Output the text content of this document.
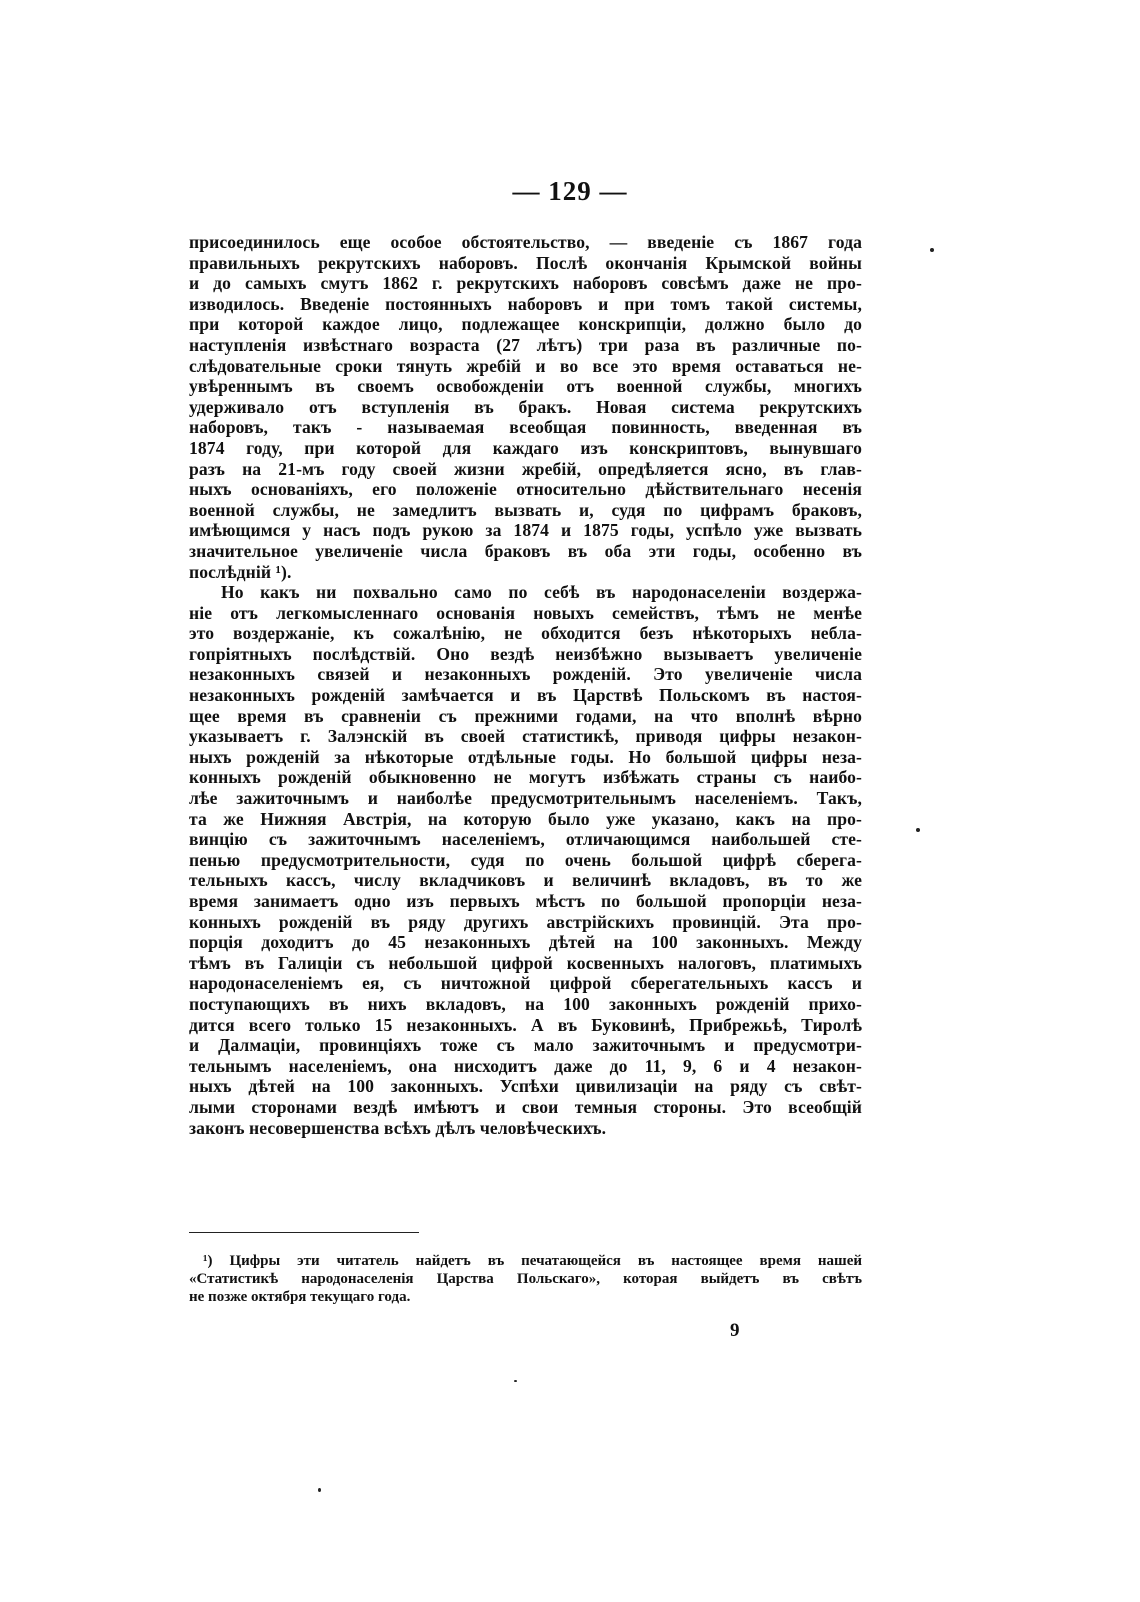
— 129 —
присоединилось еще особое обстоятельство, — введеніе съ 1867 года
правильныхъ рекрутскихъ наборовъ. Послѣ окончанія Крымской войны
и до самыхъ смутъ 1862 г. рекрутскихъ наборовъ совсѣмъ даже не про-
изводилось. Введеніе постоянныхъ наборовъ и при томъ такой системы,
при которой каждое лицо, подлежащее конскрипціи, должно было до
наступленія извѣстнаго возраста (27 лѣтъ) три раза въ различные по-
слѣдовательные сроки тянуть жребій и во все это время оставаться не-
увѣреннымъ въ своемъ освобожденіи отъ военной службы, многихъ
удерживало отъ вступленія въ бракъ. Новая система рекрутскихъ
наборовъ, такъ - называемая всеобщая повинность, введенная въ
1874 году, при которой для каждаго изъ конскриптовъ, вынувшаго
разъ на 21-мъ году своей жизни жребій, опредѣляется ясно, въ глав-
ныхъ основаніяхъ, его положеніе относительно дѣйствительнаго несенія
военной службы, не замедлитъ вызвать и, судя по цифрамъ браковъ,
имѣющимся у насъ подъ рукою за 1874 и 1875 годы, успѣло уже вызвать
значительное увеличеніе числа браковъ въ оба эти годы, особенно въ
послѣдній ¹).
Но какъ ни похвально само по себѣ въ народонаселеніи воздержа-
ніе отъ легкомысленнаго основанія новыхъ семействъ, тѣмъ не менѣе
это воздержаніе, къ сожалѣнію, не обходится безъ нѣкоторыхъ небла-
гопріятныхъ послѣдствій. Оно вездѣ неизбѣжно вызываетъ увеличеніе
незаконныхъ связей и незаконныхъ рожденій. Это увеличеніе числа
незаконныхъ рожденій замѣчается и въ Царствѣ Польскомъ въ настоя-
щее время въ сравненіи съ прежними годами, на что вполнѣ вѣрно
указываетъ г. Залэнскій въ своей статистикѣ, приводя цифры незакон-
ныхъ рожденій за нѣкоторые отдѣльные годы. Но большой цифры неза-
конныхъ рожденій обыкновенно не могутъ избѣжать страны съ наибо-
лѣе зажиточнымъ и наиболѣе предусмотрительнымъ населеніемъ. Такъ,
та же Нижняя Австрія, на которую было уже указано, какъ на про-
винцію съ зажиточнымъ населеніемъ, отличающимся наибольшей сте-
пенью предусмотрительности, судя по очень большой цифрѣ сберега-
тельныхъ кассъ, числу вкладчиковъ и величинѣ вкладовъ, въ то же
время занимаетъ одно изъ первыхъ мѣстъ по большой пропорціи неза-
конныхъ рожденій въ ряду другихъ австрійскихъ провинцій. Эта про-
порція доходитъ до 45 незаконныхъ дѣтей на 100 законныхъ. Между
тѣмъ въ Галиціи съ небольшой цифрой косвенныхъ налоговъ, платимыхъ
народонаселеніемъ ея, съ ничтожной цифрой сберегательныхъ кассъ и
поступающихъ въ нихъ вкладовъ, на 100 законныхъ рожденій прихо-
дится всего только 15 незаконныхъ. А въ Буковинѣ, Прибрежьѣ, Тиролѣ
и Далмаціи, провинціяхъ тоже съ мало зажиточнымъ и предусмотри-
тельнымъ населеніемъ, она нисходитъ даже до 11, 9, 6 и 4 незакон-
ныхъ дѣтей на 100 законныхъ. Успѣхи цивилизаціи на ряду съ свѣт-
лыми сторонами вездѣ имѣютъ и свои темныя стороны. Это всеобщій
законъ несовершенства всѣхъ дѣлъ человѣческихъ.
¹) Цифры эти читатель найдетъ въ печатающейся въ настоящее время нашей
«Статистикѣ народонаселенія Царства Польскаго», которая выйдетъ въ свѣтъ
не позже октября текущаго года.
9
